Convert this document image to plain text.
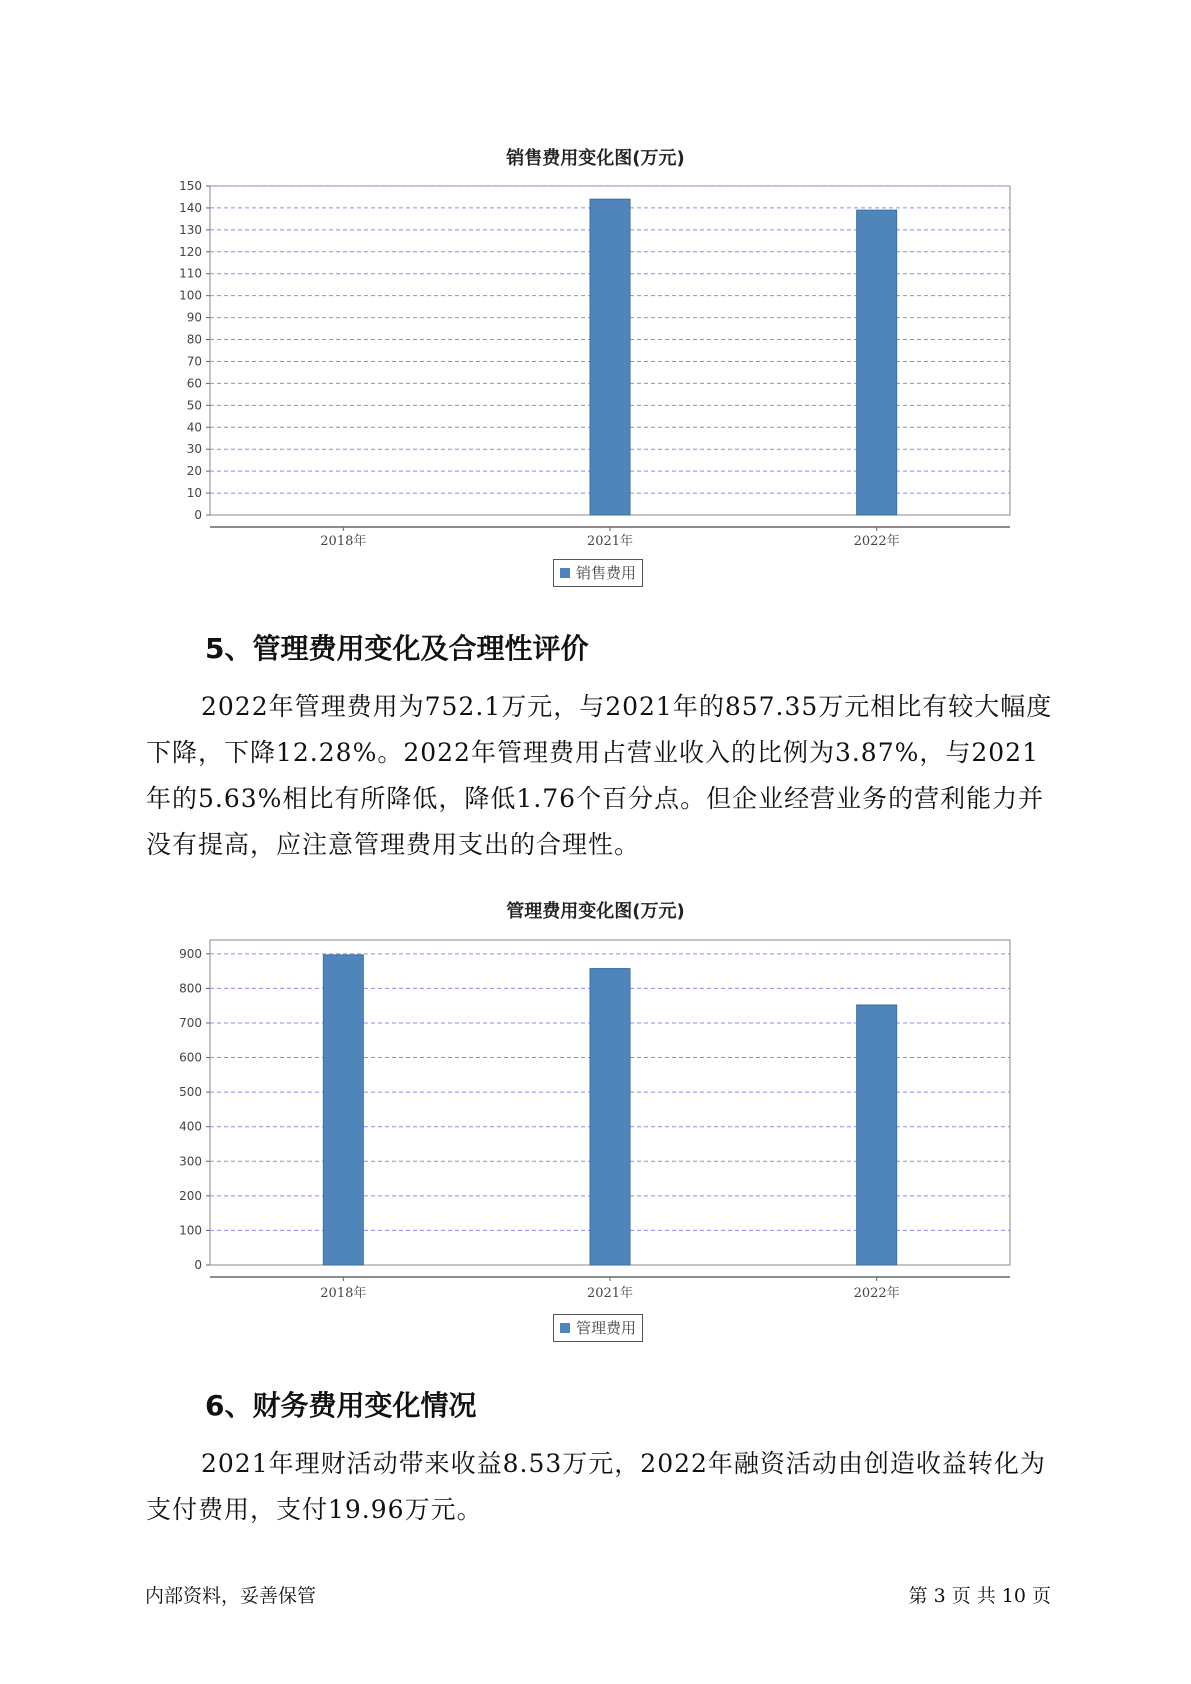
销售费用变化图(万元)
0
10
20
30
40
50
60
70
80
90
100
110
120
130
140
150
2018年	2021年	2022年
销售费用
5、管理费用变化及合理性评价

2022年管理费用为752.1万元，与2021年的857.35万元相比有较大幅度下降，下降12.28%。2022年管理费用占营业收入的比例为3.87%，与2021年的5.63%相比有所降低，降低1.76个百分点。但企业经营业务的营利能力并没有提高，应注意管理费用支出的合理性。

管理费用变化图(万元)
0
100
200
300
400
500
600
700
800
900
2018年	2021年	2022年
管理费用
6、财务费用变化情况

2021年理财活动带来收益8.53万元，2022年融资活动由创造收益转化为支付费用，支付19.96万元。

内部资料，妥善保管	第 3 页 共 10 页
